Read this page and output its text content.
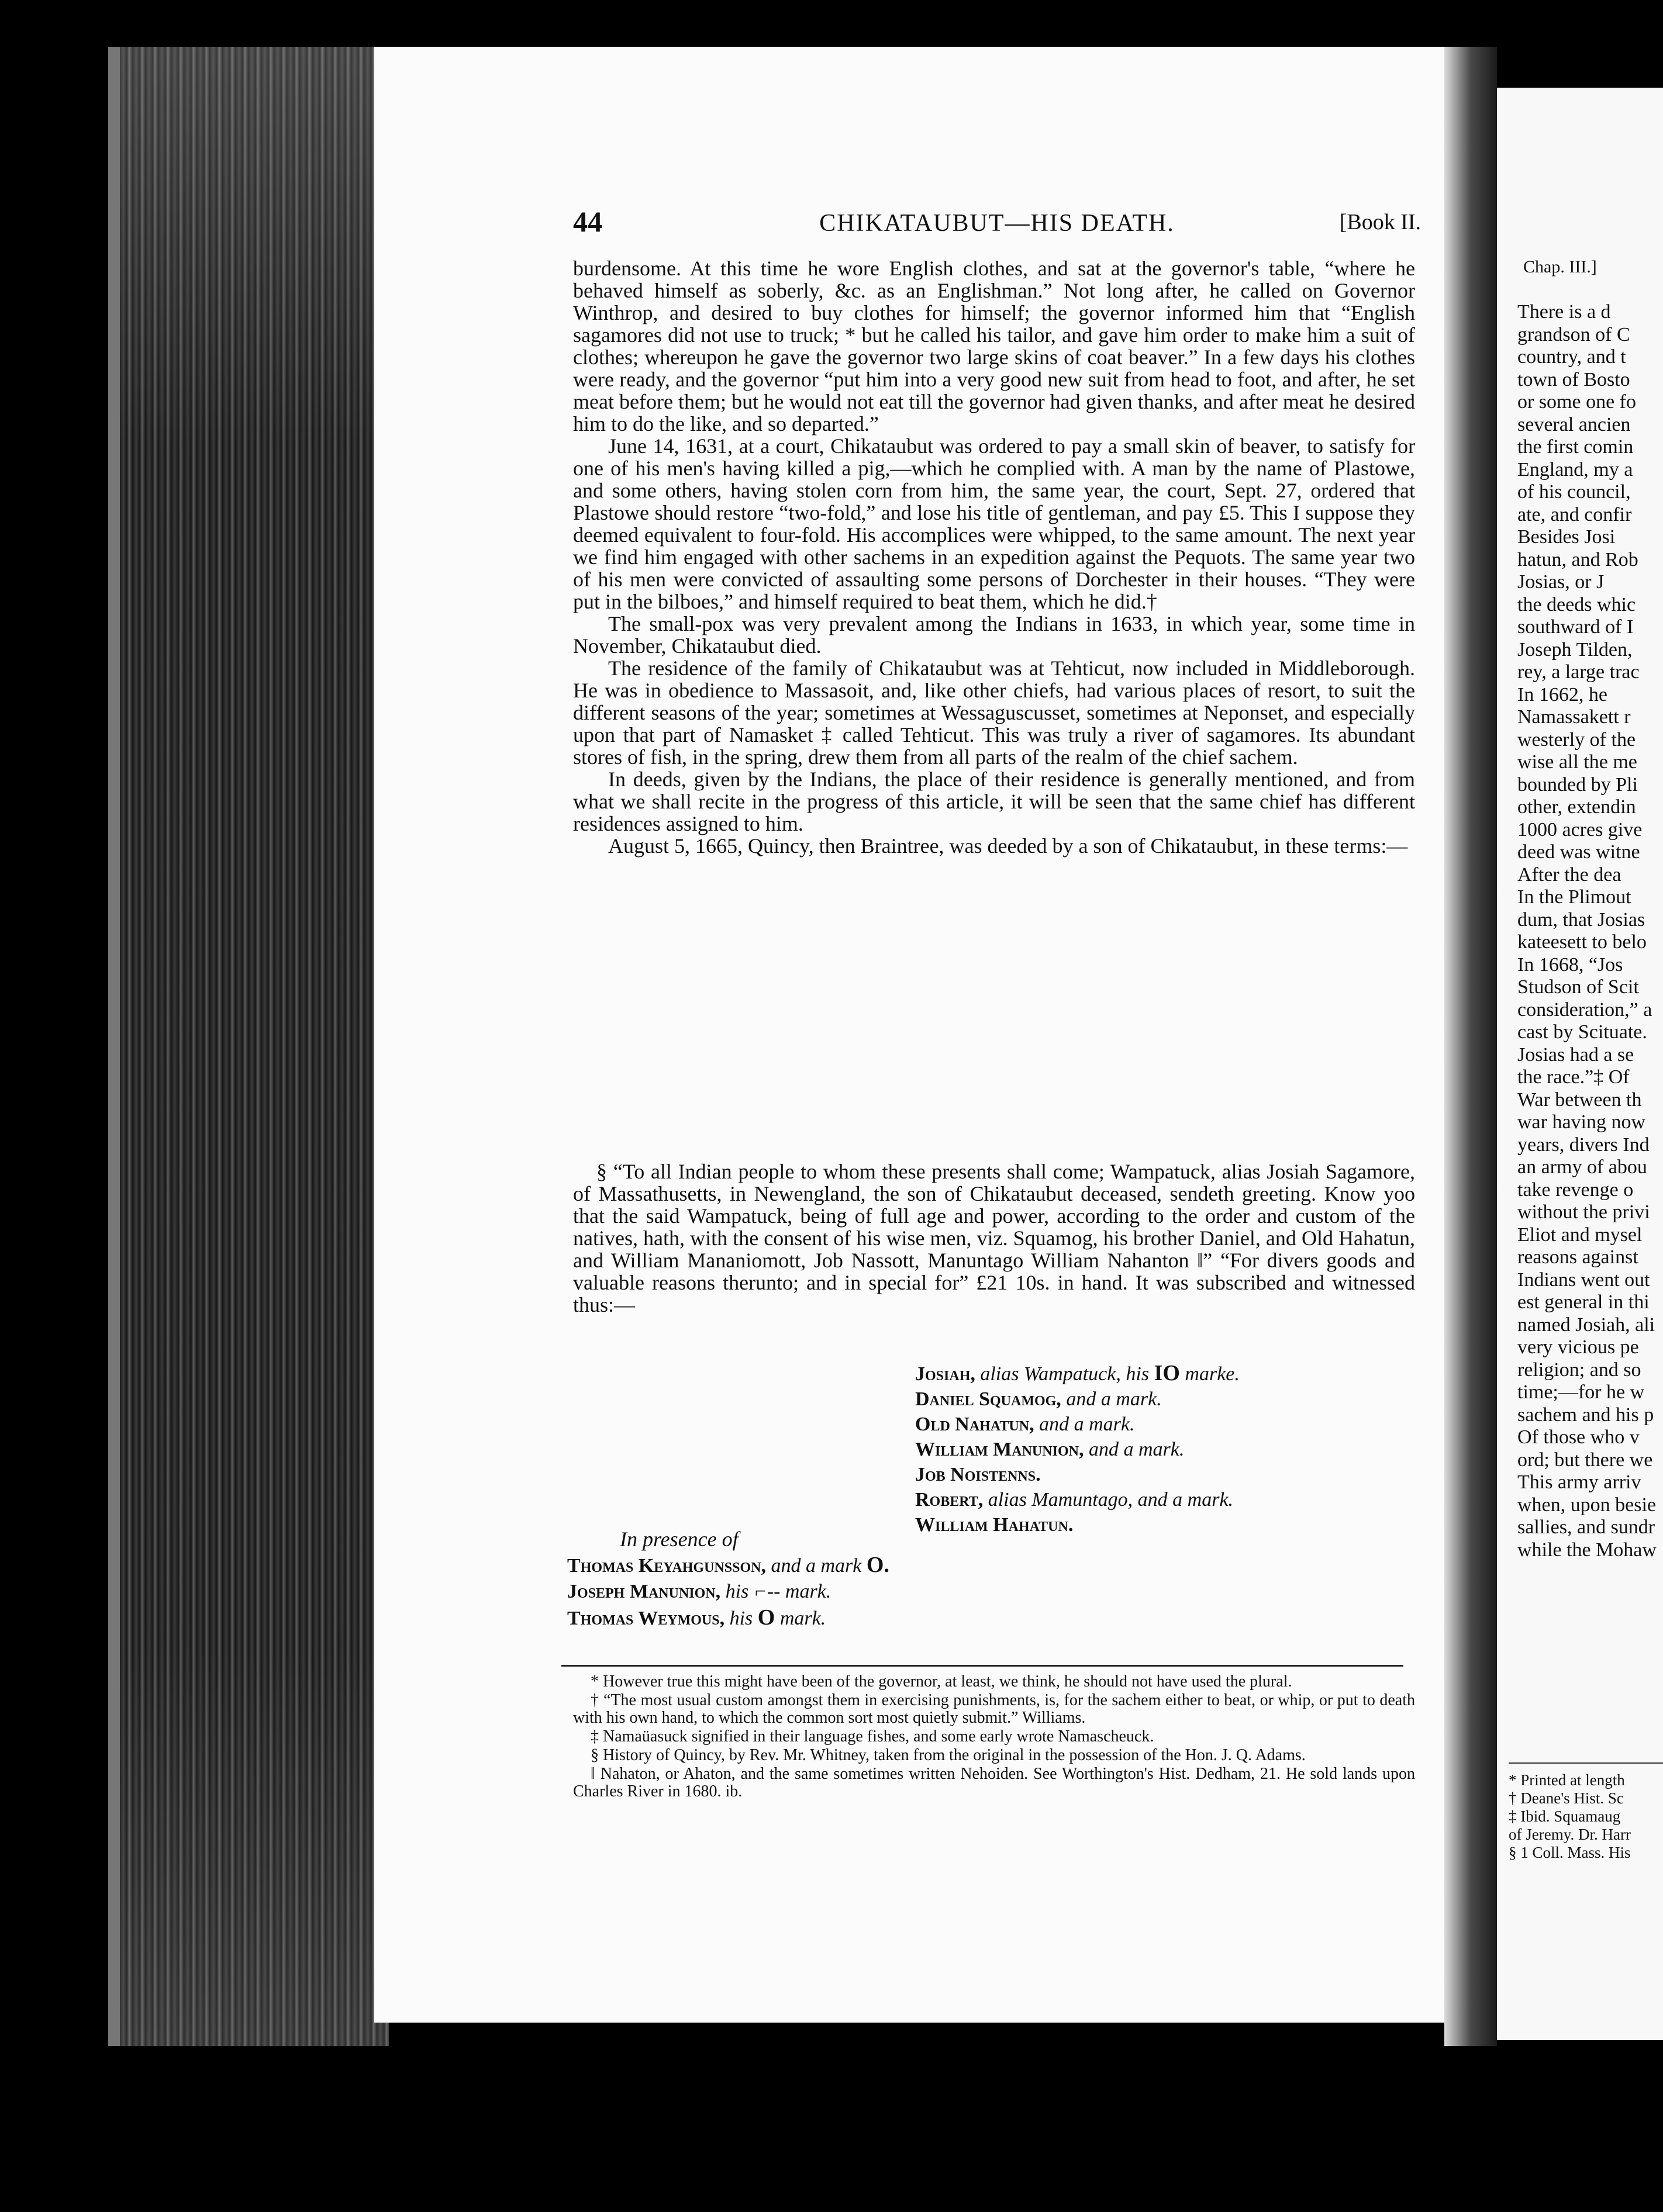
44	CHIKATAUBUT—HIS DEATH.	[Book II.

burdensome. At this time he wore English clothes, and sat at the governor's table, “where he behaved himself as soberly, &c. as an Englishman.” Not long after, he called on Governor Winthrop, and desired to buy clothes for himself; the governor informed him that “English sagamores did not use to truck; * but he called his tailor, and gave him order to make him a suit of clothes; whereupon he gave the governor two large skins of coat beaver.” In a few days his clothes were ready, and the governor “put him into a very good new suit from head to foot, and after, he set meat before them; but he would not eat till the governor had given thanks, and after meat he desired him to do the like, and so departed.”

June 14, 1631, at a court, Chikataubut was ordered to pay a small skin of beaver, to satisfy for one of his men's having killed a pig,—which he complied with. A man by the name of Plastowe, and some others, having stolen corn from him, the same year, the court, Sept. 27, ordered that Plastowe should restore “two-fold,” and lose his title of gentleman, and pay £5. This I suppose they deemed equivalent to four-fold. His accomplices were whipped, to the same amount. The next year we find him engaged with other sachems in an expedition against the Pequots. The same year two of his men were convicted of assaulting some persons of Dorchester in their houses. “They were put in the bilboes,” and himself required to beat them, which he did.†

The small-pox was very prevalent among the Indians in 1633, in which year, some time in November, Chikataubut died.

The residence of the family of Chikataubut was at Tehticut, now included in Middleborough. He was in obedience to Massasoit, and, like other chiefs, had various places of resort, to suit the different seasons of the year; sometimes at Wessaguscusset, sometimes at Neponset, and especially upon that part of Namasket ‡ called Tehticut. This was truly a river of sagamores. Its abundant stores of fish, in the spring, drew them from all parts of the realm of the chief sachem.

In deeds, given by the Indians, the place of their residence is generally mentioned, and from what we shall recite in the progress of this article, it will be seen that the same chief has different residences assigned to him.

August 5, 1665, Quincy, then Braintree, was deeded by a son of Chikataubut, in these terms:—

§ “To all Indian people to whom these presents shall come; Wampatuck, alias Josiah Sagamore, of Massathusetts, in Newengland, the son of Chikataubut deceased, sendeth greeting. Know yoo that the said Wampatuck, being of full age and power, according to the order and custom of the natives, hath, with the consent of his wise men, viz. Squamog, his brother Daniel, and Old Hahatun, and William Mananiomott, Job Nassott, Manuntago William Nahanton ‖” “For divers goods and valuable reasons therunto; and in special for” £21 10s. in hand. It was subscribed and witnessed thus:—

Josiah, alias Wampatuck, his IO marke.
Daniel Squamog, and a mark.
Old Nahatun, and a mark.
William Manunion, and a mark.
Job Noistenns.
Robert, alias Mamuntago, and a mark.
William Hahatun.
In presence of
Thomas Keyahgunsson, and a mark O.
Joseph Manunion, his ⌐-- mark.
Thomas Weymous, his O mark.

* However true this might have been of the governor, at least, we think, he should not have used the plural.

† “The most usual custom amongst them in exercising punishments, is, for the sachem either to beat, or whip, or put to death with his own hand, to which the common sort most quietly submit.” Williams.

‡ Namaüasuck signified in their language fishes, and some early wrote Namascheuck.

§ History of Quincy, by Rev. Mr. Whitney, taken from the original in the possession of the Hon. J. Q. Adams.

‖ Nahaton, or Ahaton, and the same sometimes written Nehoiden. See Worthington's Hist. Dedham, 21. He sold lands upon Charles River in 1680. ib.

Chap. III.]
There is a d
grandson of C
country, and t
town of Bosto
or some one fo
several ancien
the first comin
England, my a
of his council,
ate, and confir
Besides Josi
hatun, and Rob
Josias, or J
the deeds whic
southward of I
Joseph Tilden,
rey, a large trac
In 1662, he
Namassakett r
westerly of the
wise all the me
bounded by Pli
other, extendin
1000 acres give
deed was witne
After the dea
In the Plimout
dum, that Josias
kateesett to belo
In 1668, “Jos
Studson of Scit
consideration,” a
cast by Scituate.
Josias had a se
the race.”‡ Of
War between th
war having now
years, divers Ind
an army of abou
take revenge o
without the privi
Eliot and mysel
reasons against
Indians went out
est general in thi
named Josiah, ali
very vicious pe
religion; and so
time;—for he w
sachem and his p
Of those who v
ord; but there we
This army arriv
when, upon besie
sallies, and sundr
while the Mohaw
* Printed at length
† Deane's Hist. Sc
‡ Ibid. Squamaug
of Jeremy. Dr. Harr
§ 1 Coll. Mass. His
